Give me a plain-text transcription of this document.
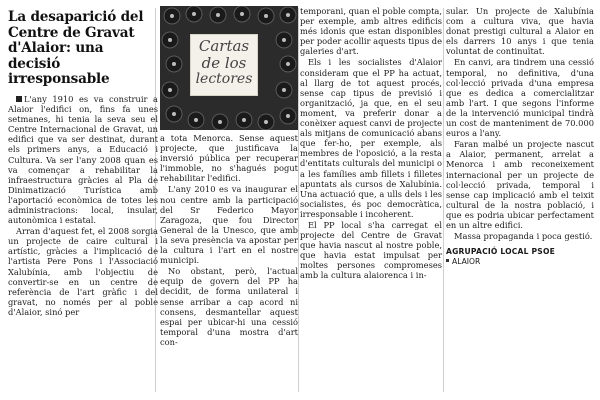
La desaparició del Centre de Gravat d'Alaior: una decisió irresponsable

L'any 1910 es va construir a Alaior l'edifici on, fins fa unes setmanes, hi tenia la seva seu el Centre Internacional de Gravat, un edifici que va ser destinat, durant els primers anys, a Educació i Cultura. Va ser l'any 2008 quan es va començar a rehabilitar la infraestructura gràcies al Pla de Dinimatizació Turística amb l'aportació econòmica de totes les administracions: local, insular, autonòmica i estatal.

Arran d'aquest fet, el 2008 sorgia un projecte de caire cultural i artístic, gràcies a l'implicació de l'artista Pere Pons i l'Associació Xalubínia, amb l'objectiu de convertir-se en un centre de referència de l'art gràfic i del gravat, no només per al poble d'Alaior, sinó per

Cartas
de los
lectores

a tota Menorca. Sense aquest projecte, que justificava la inversió pública per recuperar l'immoble, no s'hagués pogut rehabilitar l'edifici.

L'any 2010 es va inaugurar el nou centre amb la participació del Sr Federico Mayor Zaragoza, que fou Director General de la Unesco, que amb la seva presència va apostar per la cultura i l'art en el nostre municipi.

No obstant, però, l'actual equip de govern del PP ha decidit, de forma unilateral i sense arribar a cap acord ni consens, desmantellar aquest espai per ubicar-hi una cessió temporal d'una mostra d'art con-

temporani, quan el poble compta, per exemple, amb altres edificis més idonis que estan disponibles per poder acollir aquests tipus de galeries d'art.

Els i les socialistes d'Alaior consideram que el PP ha actuat, al llarg de tot aquest procés, sense cap tipus de previsió i organització, ja que, en el seu moment, va preferir donar a conèixer aquest canvi de projecte als mitjans de comunicació abans que fer-ho, per exemple, als membres de l'oposició, a la resta d'entitats culturals del municipi o a les famílies amb fillets i filletes apuntats als cursos de Xalubínia. Una actuació que, a ulls dels i les socialistes, és poc democràtica, irresponsable i incoherent.

El PP local s'ha carregat el projecte del Centre de Gravat que havia nascut al nostre poble, que havia estat impulsat per moltes persones compromeses amb la cultura alaiorenca i in-

sular. Un projecte de Xalubínia com a cultura viva, que havia donat prestigi cultural a Alaior en els darrers 10 anys i que tenia voluntat de continuïtat.

En canvi, ara tindrem una cessió temporal, no definitiva, d'una col·lecció privada d'una empresa que es dedica a comercialitzar amb l'art. I que segons l'informe de la intervenció municipal tindrà un cost de manteniment de 70.000 euros a l'any.

Faran malbé un projecte nascut a Alaior, permanent, arrelat a Menorca i amb reconeixement internacional per un projecte de col·lecció privada, temporal i sense cap implicació amb el teixit cultural de la nostra població, i que es podria ubicar perfectament en un altre edifici.

Massa propaganda i poca gestió.

AGRUPACIÓ LOCAL PSOE
ALAIOR
